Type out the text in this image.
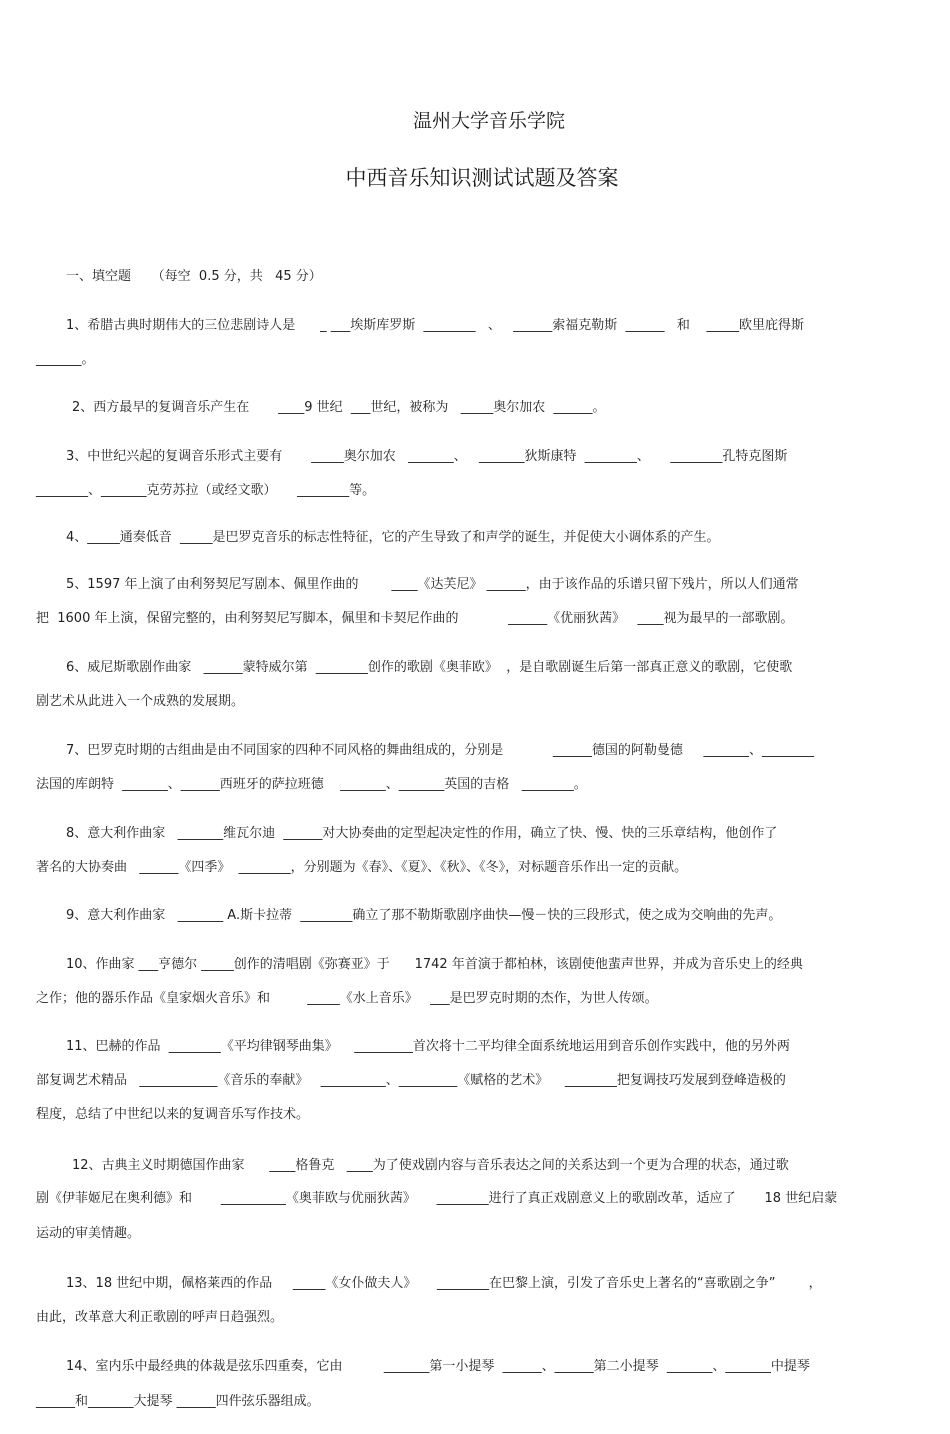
温州大学音乐学院
中西音乐知识测试试题及答案
一、填空题     （每空  0.5 分，共   45 分）
1、希腊古典时期伟大的三位悲剧诗人是      _ ___埃斯库罗斯  ________   、   ______索福克勒斯  ______   和    _____欧里庇得斯
_______。
2、西方最早的复调音乐产生在       ____9 世纪  ___世纪，被称为   _____奥尔加农  ______。
3、中世纪兴起的复调音乐形式主要有       _____奥尔加农   _______、   _______狄斯康特  ________、     ________孔特克图斯
________、_______克劳苏拉（或经文歌）     ________等。
4、_____通奏低音  _____是巴罗克音乐的标志性特征，它的产生导致了和声学的诞生，并促使大小调体系的产生。
5、1597 年上演了由利努契尼写剧本、佩里作曲的        ____《达芙尼》 ______，由于该作品的乐谱只留下残片，所以人们通常
把  1600 年上演，保留完整的，由利努契尼写脚本，佩里和卡契尼作曲的            ______《优丽狄茜》   ____视为最早的一部歌剧。
6、威尼斯歌剧作曲家   ______蒙特威尔第  ________创作的歌剧《奥菲欧》  ，是自歌剧诞生后第一部真正意义的歌剧，它使歌
剧艺术从此进入一个成熟的发展期。
7、巴罗克时期的古组曲是由不同国家的四种不同风格的舞曲组成的，分别是            ______德国的阿勒曼德     _______、________
法国的库朗特  _______、______西班牙的萨拉班德    _______、_______英国的吉格   ________。
8、意大利作曲家   _______维瓦尔迪  ______对大协奏曲的定型起决定性的作用，确立了快、慢、快的三乐章结构，他创作了
著名的大协奏曲   ______《四季》  ________，分别题为《春》、《夏》、《秋》、《冬》，对标题音乐作出一定的贡献。
9、意大利作曲家   _______ A.斯卡拉蒂  ________确立了那不勒斯歌剧序曲快—慢－快的三段形式，使之成为交响曲的先声。
10、作曲家 ___亨德尔 _____创作的清唱剧《弥赛亚》于      1742 年首演于都柏林，该剧使他蜚声世界，并成为音乐史上的经典
之作；他的器乐作品《皇家烟火音乐》和         _____《水上音乐》   ___是巴罗克时期的杰作，为世人传颂。
11、巴赫的作品  ________《平均律钢琴曲集》    _________首次将十二平均律全面系统地运用到音乐创作实践中，他的另外两
部复调艺术精品   ____________《音乐的奉献》   __________、_________《赋格的艺术》    ________把复调技巧发展到登峰造极的
程度，总结了中世纪以来的复调音乐写作技术。
12、古典主义时期德国作曲家      ____格鲁克   ____为了使戏剧内容与音乐表达之间的关系达到一个更为合理的状态，通过歌
剧《伊菲姬尼在奥利德》和       __________《奥菲欧与优丽狄茜》     ________进行了真正戏剧意义上的歌剧改革，适应了       18 世纪启蒙
运动的审美情趣。
13、18 世纪中期，佩格莱西的作品     _____《女仆做夫人》     ________在巴黎上演，引发了音乐史上著名的“喜歌剧之争”        ，
由此，改革意大利正歌剧的呼声日趋强烈。
14、室内乐中最经典的体裁是弦乐四重奏，它由          _______第一小提琴  ______、______第二小提琴  _______、_______中提琴
______和_______大提琴 ______四件弦乐器组成。
